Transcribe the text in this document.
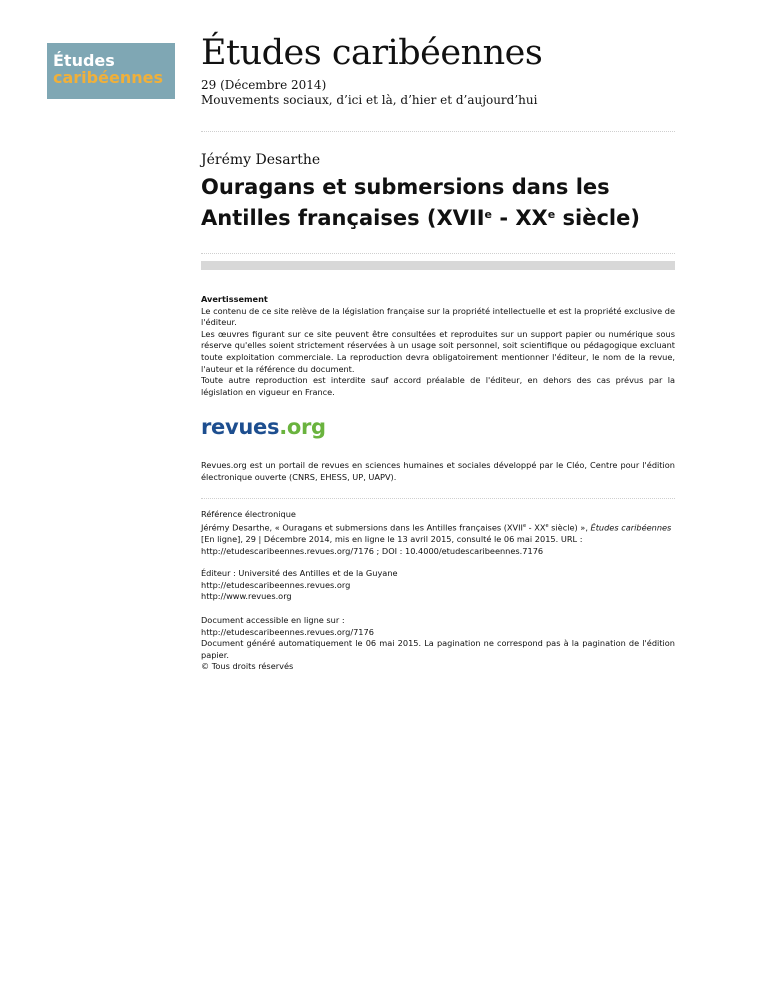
Études
caribéennes
Études caribéennes
29 (Décembre 2014)
Mouvements sociaux, d’ici et là, d’hier et d’aujourd’hui
Jérémy Desarthe
Ouragans et submersions dans les
Antilles françaises (XVIIe - XXe siècle)
Avertissement
Le contenu de ce site relève de la législation française sur la propriété intellectuelle et est la propriété exclusive de l'éditeur.
Les œuvres figurant sur ce site peuvent être consultées et reproduites sur un support papier ou numérique sous réserve qu'elles soient strictement réservées à un usage soit personnel, soit scientifique ou pédagogique excluant toute exploitation commerciale. La reproduction devra obligatoirement mentionner l'éditeur, le nom de la revue, l'auteur et la référence du document.
Toute autre reproduction est interdite sauf accord préalable de l'éditeur, en dehors des cas prévus par la législation en vigueur en France.
revues.org
Revues.org est un portail de revues en sciences humaines et sociales développé par le Cléo, Centre pour l'édition électronique ouverte (CNRS, EHESS, UP, UAPV).
Référence électronique
Jérémy Desarthe, « Ouragans et submersions dans les Antilles françaises (XVIIe - XXe siècle) », Études caribéennes [En ligne], 29 | Décembre 2014, mis en ligne le 13 avril 2015, consulté le 06 mai 2015. URL : http://etudescaribeennes.revues.org/7176 ; DOI : 10.4000/etudescaribeennes.7176
Éditeur : Université des Antilles et de la Guyane
http://etudescaribeennes.revues.org
http://www.revues.org
Document accessible en ligne sur :
http://etudescaribeennes.revues.org/7176
Document généré automatiquement le 06 mai 2015. La pagination ne correspond pas à la pagination de l'édition papier.
© Tous droits réservés
